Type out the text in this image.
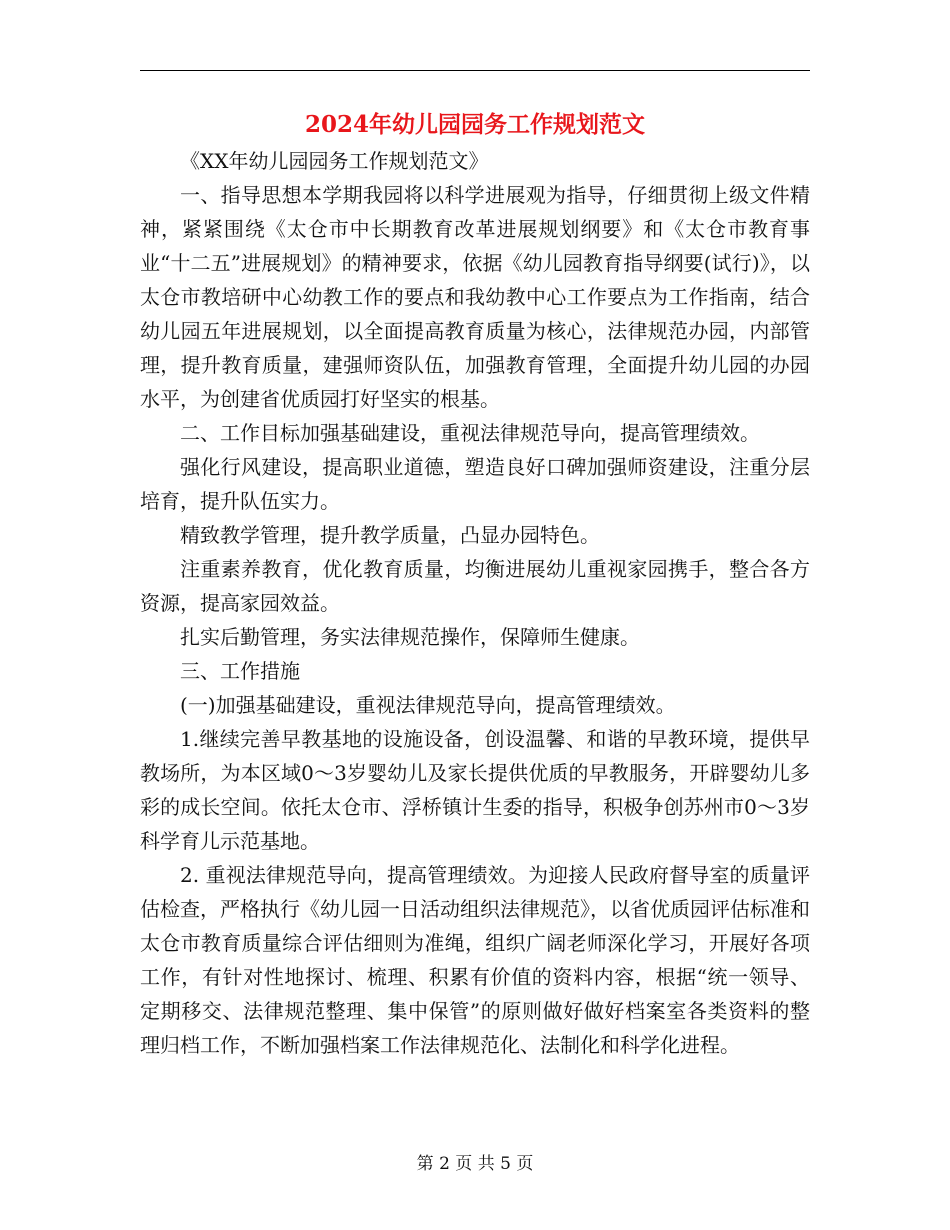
2024年幼儿园园务工作规划范文

《XX年幼儿园园务工作规划范文》

一、指导思想本学期我园将以科学进展观为指导，仔细贯彻上级文件精神，紧紧围绕《太仓市中长期教育改革进展规划纲要》和《太仓市教育事业“十二五”进展规划》的精神要求，依据《幼儿园教育指导纲要(试行)》，以太仓市教培研中心幼教工作的要点和我幼教中心工作要点为工作指南，结合幼儿园五年进展规划，以全面提高教育质量为核心，法律规范办园，内部管理，提升教育质量，建强师资队伍，加强教育管理，全面提升幼儿园的办园水平，为创建省优质园打好坚实的根基。

二、工作目标加强基础建设，重视法律规范导向，提高管理绩效。

强化行风建设，提高职业道德，塑造良好口碑加强师资建设，注重分层培育，提升队伍实力。

精致教学管理，提升教学质量，凸显办园特色。

注重素养教育，优化教育质量，均衡进展幼儿重视家园携手，整合各方资源，提高家园效益。

扎实后勤管理，务实法律规范操作，保障师生健康。

三、工作措施

(一)加强基础建设，重视法律规范导向，提高管理绩效。

1.继续完善早教基地的设施设备，创设温馨、和谐的早教环境，提供早教场所，为本区域0～3岁婴幼儿及家长提供优质的早教服务，开辟婴幼儿多彩的成长空间。依托太仓市、浮桥镇计生委的指导，积极争创苏州市0～3岁科学育儿示范基地。

2. 重视法律规范导向，提高管理绩效。为迎接人民政府督导室的质量评估检查，严格执行《幼儿园一日活动组织法律规范》，以省优质园评估标准和太仓市教育质量综合评估细则为准绳，组织广阔老师深化学习，开展好各项工作，有针对性地探讨、梳理、积累有价值的资料内容，根据“统一领导、定期移交、法律规范整理、集中保管”的原则做好做好档案室各类资料的整理归档工作，不断加强档案工作法律规范化、法制化和科学化进程。

第 2 页 共 5 页
